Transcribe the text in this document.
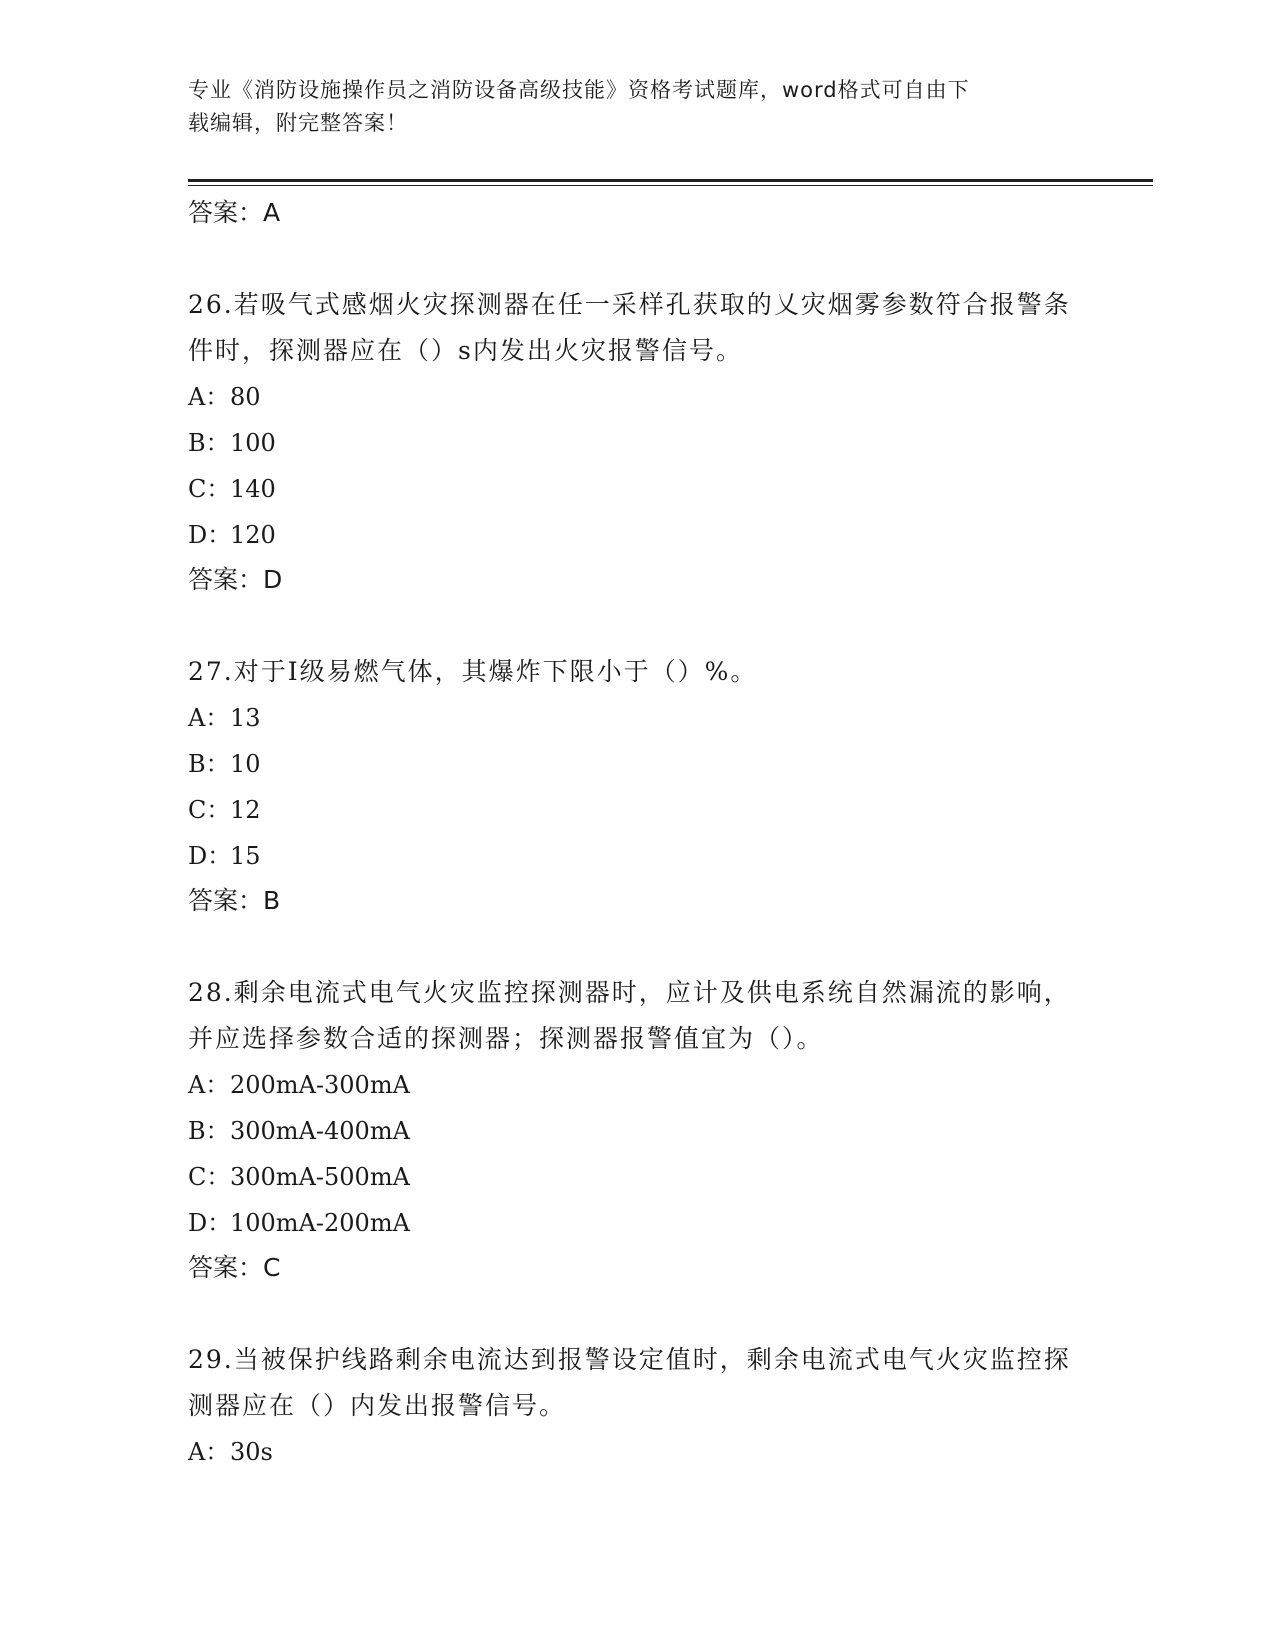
专业《消防设施操作员之消防设备高级技能》资格考试题库，word格式可自由下
载编辑，附完整答案！
答案：A
26.若吸气式感烟火灾探测器在任一采样孔获取的乂灾烟雾参数符合报警条件时，探测器应在（）s内发出火灾报警信号。
A：80
B：100
C：140
D：120
答案：D
27.对于Ⅰ级易燃气体，其爆炸下限小于（）%。
A：13
B：10
C：12
D：15
答案：B
28.剩余电流式电气火灾监控探测器时，应计及供电系统自然漏流的影响，并应选择参数合适的探测器；探测器报警值宜为（）。
A：200mA-300mA
B：300mA-400mA
C：300mA-500mA
D：100mA-200mA
答案：C
29.当被保护线路剩余电流达到报警设定值时，剩余电流式电气火灾监控探测器应在（）内发出报警信号。
A：30s
